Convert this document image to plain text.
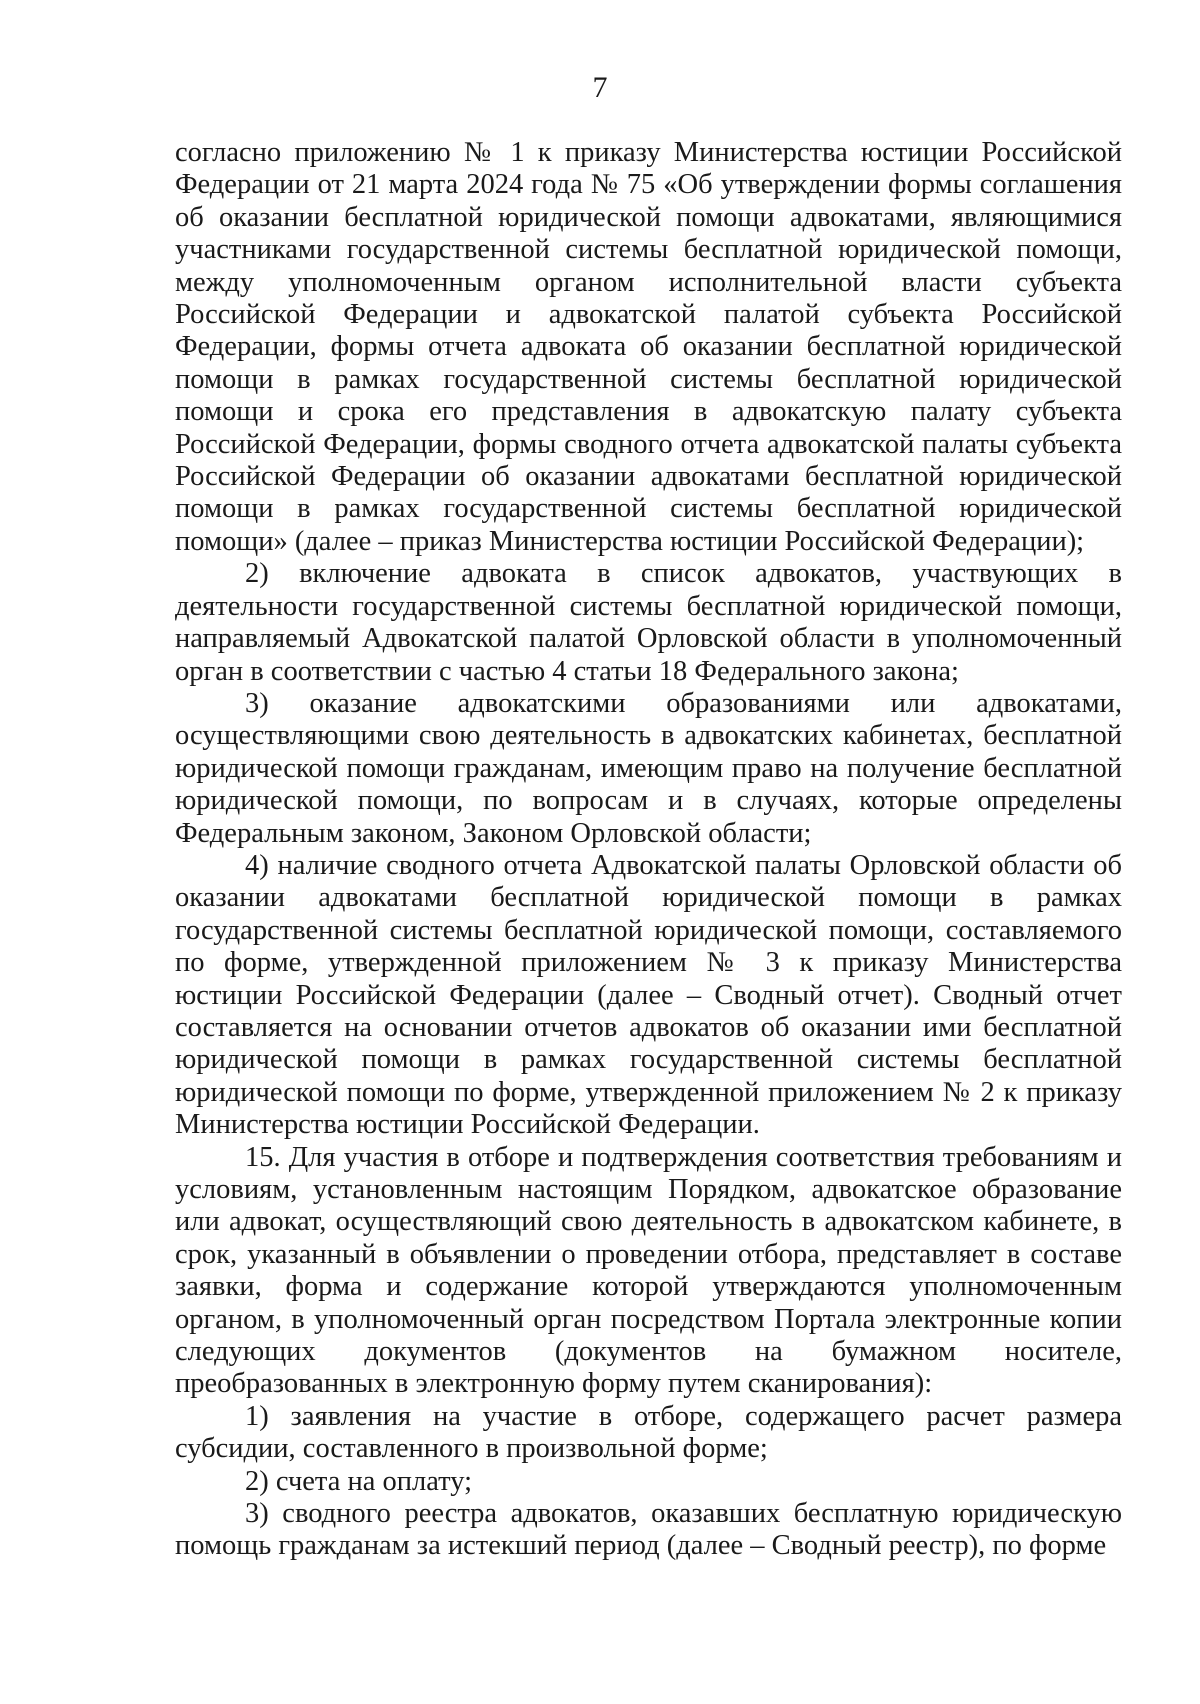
7

согласно приложению № 1 к приказу Министерства юстиции Российской Федерации от 21 марта 2024 года № 75 «Об утверждении формы соглашения об оказании бесплатной юридической помощи адвокатами, являющимися участниками государственной системы бесплатной юридической помощи, между уполномоченным органом исполнительной власти субъекта Российской Федерации и адвокатской палатой субъекта Российской Федерации, формы отчета адвоката об оказании бесплатной юридической помощи в рамках государственной системы бесплатной юридической помощи и срока его представления в адвокатскую палату субъекта Российской Федерации, формы сводного отчета адвокатской палаты субъекта Российской Федерации об оказании адвокатами бесплатной юридической помощи в рамках государственной системы бесплатной юридической помощи» (далее – приказ Министерства юстиции Российской Федерации);

2) включение адвоката в список адвокатов, участвующих в деятельности государственной системы бесплатной юридической помощи, направляемый Адвокатской палатой Орловской области в уполномоченный орган в соответствии с частью 4 статьи 18 Федерального закона;

3) оказание адвокатскими образованиями или адвокатами, осуществляющими свою деятельность в адвокатских кабинетах, бесплатной юридической помощи гражданам, имеющим право на получение бесплатной юридической помощи, по вопросам и в случаях, которые определены Федеральным законом, Законом Орловской области;

4) наличие сводного отчета Адвокатской палаты Орловской области об оказании адвокатами бесплатной юридической помощи в рамках государственной системы бесплатной юридической помощи, составляемого по форме, утвержденной приложением № 3 к приказу Министерства юстиции Российской Федерации (далее – Сводный отчет). Сводный отчет составляется на основании отчетов адвокатов об оказании ими бесплатной юридической помощи в рамках государственной системы бесплатной юридической помощи по форме, утвержденной приложением № 2 к приказу Министерства юстиции Российской Федерации.

15. Для участия в отборе и подтверждения соответствия требованиям и условиям, установленным настоящим Порядком, адвокатское образование или адвокат, осуществляющий свою деятельность в адвокатском кабинете, в срок, указанный в объявлении о проведении отбора, представляет в составе заявки, форма и содержание которой утверждаются уполномоченным органом, в уполномоченный орган посредством Портала электронные копии следующих документов (документов на бумажном носителе, преобразованных в электронную форму путем сканирования):

1) заявления на участие в отборе, содержащего расчет размера субсидии, составленного в произвольной форме;

2) счета на оплату;

3) сводного реестра адвокатов, оказавших бесплатную юридическую помощь гражданам за истекший период (далее – Сводный реестр), по форме
